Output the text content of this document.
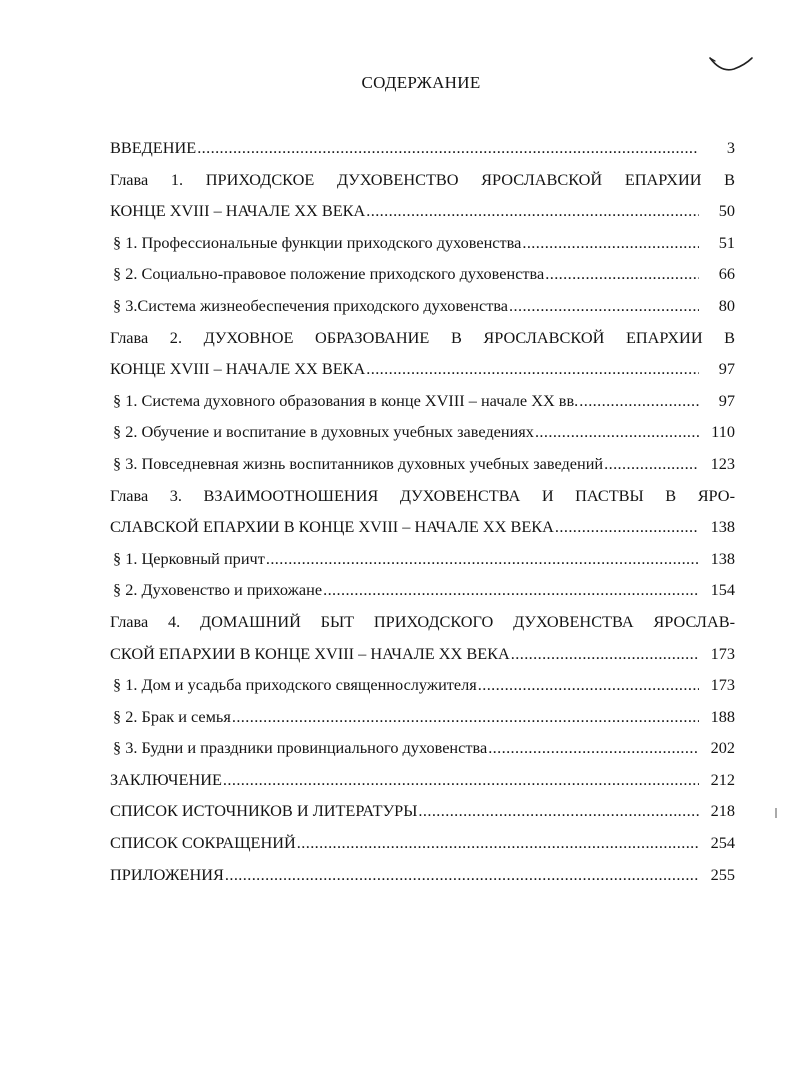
СОДЕРЖАНИЕ
ВВЕДЕНИЕ .....	3
Глава 1. ПРИХОДСКОЕ ДУХОВЕНСТВО ЯРОСЛАВСКОЙ ЕПАРХИИ В
КОНЦЕ XVIII – НАЧАЛЕ XX ВЕКА .....	50
§ 1. Профессиональные функции приходского духовенства .....	51
§ 2. Социально-правовое положение приходского духовенства .....	66
§ 3.Система жизнеобеспечения приходского духовенства .....	80
Глава 2. ДУХОВНОЕ ОБРАЗОВАНИЕ В ЯРОСЛАВСКОЙ ЕПАРХИИ В
КОНЦЕ XVIII – НАЧАЛЕ XX ВЕКА .....	97
§ 1. Система духовного образования в конце XVIII – начале XX вв. .....	97
§ 2. Обучение и воспитание в духовных учебных заведениях .....	110
§ 3. Повседневная жизнь воспитанников духовных учебных заведений .....	123
Глава 3. ВЗАИМООТНОШЕНИЯ ДУХОВЕНСТВА И ПАСТВЫ В ЯРО-
СЛАВСКОЙ ЕПАРХИИ В КОНЦЕ XVIII – НАЧАЛЕ XX ВЕКА .....	138
§ 1. Церковный причт .....	138
§ 2. Духовенство и прихожане .....	154
Глава 4. ДОМАШНИЙ БЫТ ПРИХОДСКОГО ДУХОВЕНСТВА ЯРОСЛАВ-
СКОЙ ЕПАРХИИ В КОНЦЕ XVIII – НАЧАЛЕ XX ВЕКА .....	173
§ 1. Дом и усадьба приходского священнослужителя .....	173
§ 2. Брак и семья .....	188
§ 3. Будни и праздники провинциального духовенства .....	202
ЗАКЛЮЧЕНИЕ .....	212
СПИСОК ИСТОЧНИКОВ И ЛИТЕРАТУРЫ .....	218
СПИСОК СОКРАЩЕНИЙ .....	254
ПРИЛОЖЕНИЯ .....	255
